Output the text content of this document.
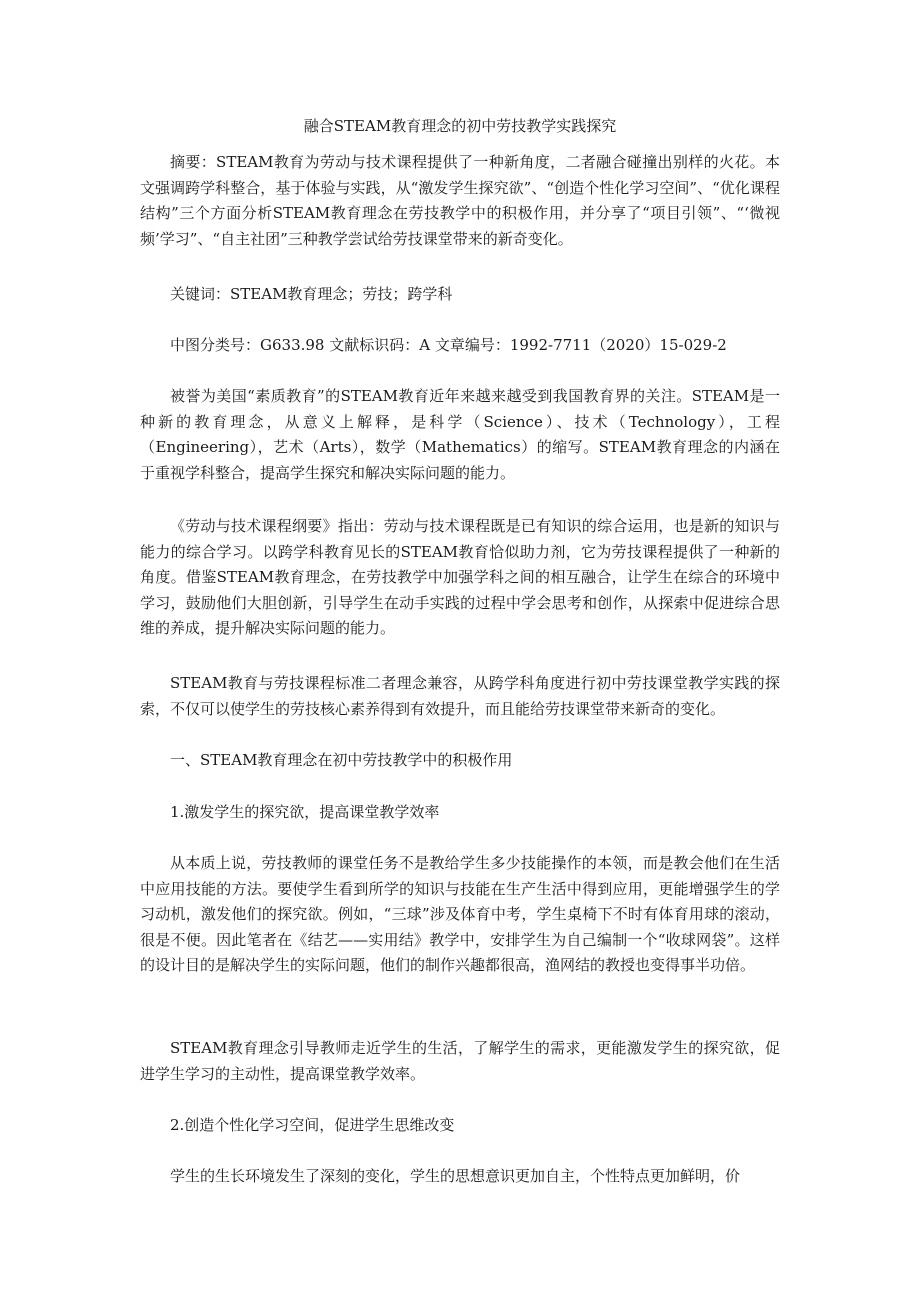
融合STEAM教育理念的初中劳技教学实践探究

摘要：STEAM教育为劳动与技术课程提供了一种新角度，二者融合碰撞出别样的火花。本文强调跨学科整合，基于体验与实践，从“激发学生探究欲”、“创造个性化学习空间”、“优化课程结构”三个方面分析STEAM教育理念在劳技教学中的积极作用，并分享了“项目引领”、“‘微视频’学习”、“自主社团”三种教学尝试给劳技课堂带来的新奇变化。

关键词：STEAM教育理念；劳技；跨学科

中图分类号：G633.98 文献标识码：A 文章编号：1992-7711（2020）15-029-2

被誉为美国“素质教育”的STEAM教育近年来越来越受到我国教育界的关注。STEAM是一种新的教育理念，从意义上解释，是科学（Science）、技术（Technology），工程（Engineering），艺术（Arts），数学（Mathematics）的缩写。STEAM教育理念的内涵在于重视学科整合，提高学生探究和解决实际问题的能力。

《劳动与技术课程纲要》指出：劳动与技术课程既是已有知识的综合运用，也是新的知识与能力的综合学习。以跨学科教育见长的STEAM教育恰似助力剂，它为劳技课程提供了一种新的角度。借鉴STEAM教育理念，在劳技教学中加强学科之间的相互融合，让学生在综合的环境中学习，鼓励他们大胆创新，引导学生在动手实践的过程中学会思考和创作，从探索中促进综合思维的养成，提升解决实际问题的能力。

STEAM教育与劳技课程标准二者理念兼容，从跨学科角度进行初中劳技课堂教学实践的探索，不仅可以使学生的劳技核心素养得到有效提升，而且能给劳技课堂带来新奇的变化。

一、STEAM教育理念在初中劳技教学中的积极作用

1.激发学生的探究欲，提高课堂教学效率

从本质上说，劳技教师的课堂任务不是教给学生多少技能操作的本领，而是教会他们在生活中应用技能的方法。要使学生看到所学的知识与技能在生产生活中得到应用，更能增强学生的学习动机，激发他们的探究欲。例如，“三球”涉及体育中考，学生桌椅下不时有体育用球的滚动，很是不便。因此笔者在《结艺——实用结》教学中，安排学生为自己编制一个“收球网袋”。这样的设计目的是解决学生的实际问题，他们的制作兴趣都很高，渔网结的教授也变得事半功倍。

STEAM教育理念引导教师走近学生的生活，了解学生的需求，更能激发学生的探究欲，促进学生学习的主动性，提高课堂教学效率。

2.创造个性化学习空间，促进学生思维改变

学生的生长环境发生了深刻的变化，学生的思想意识更加自主，个性特点更加鲜明，价
